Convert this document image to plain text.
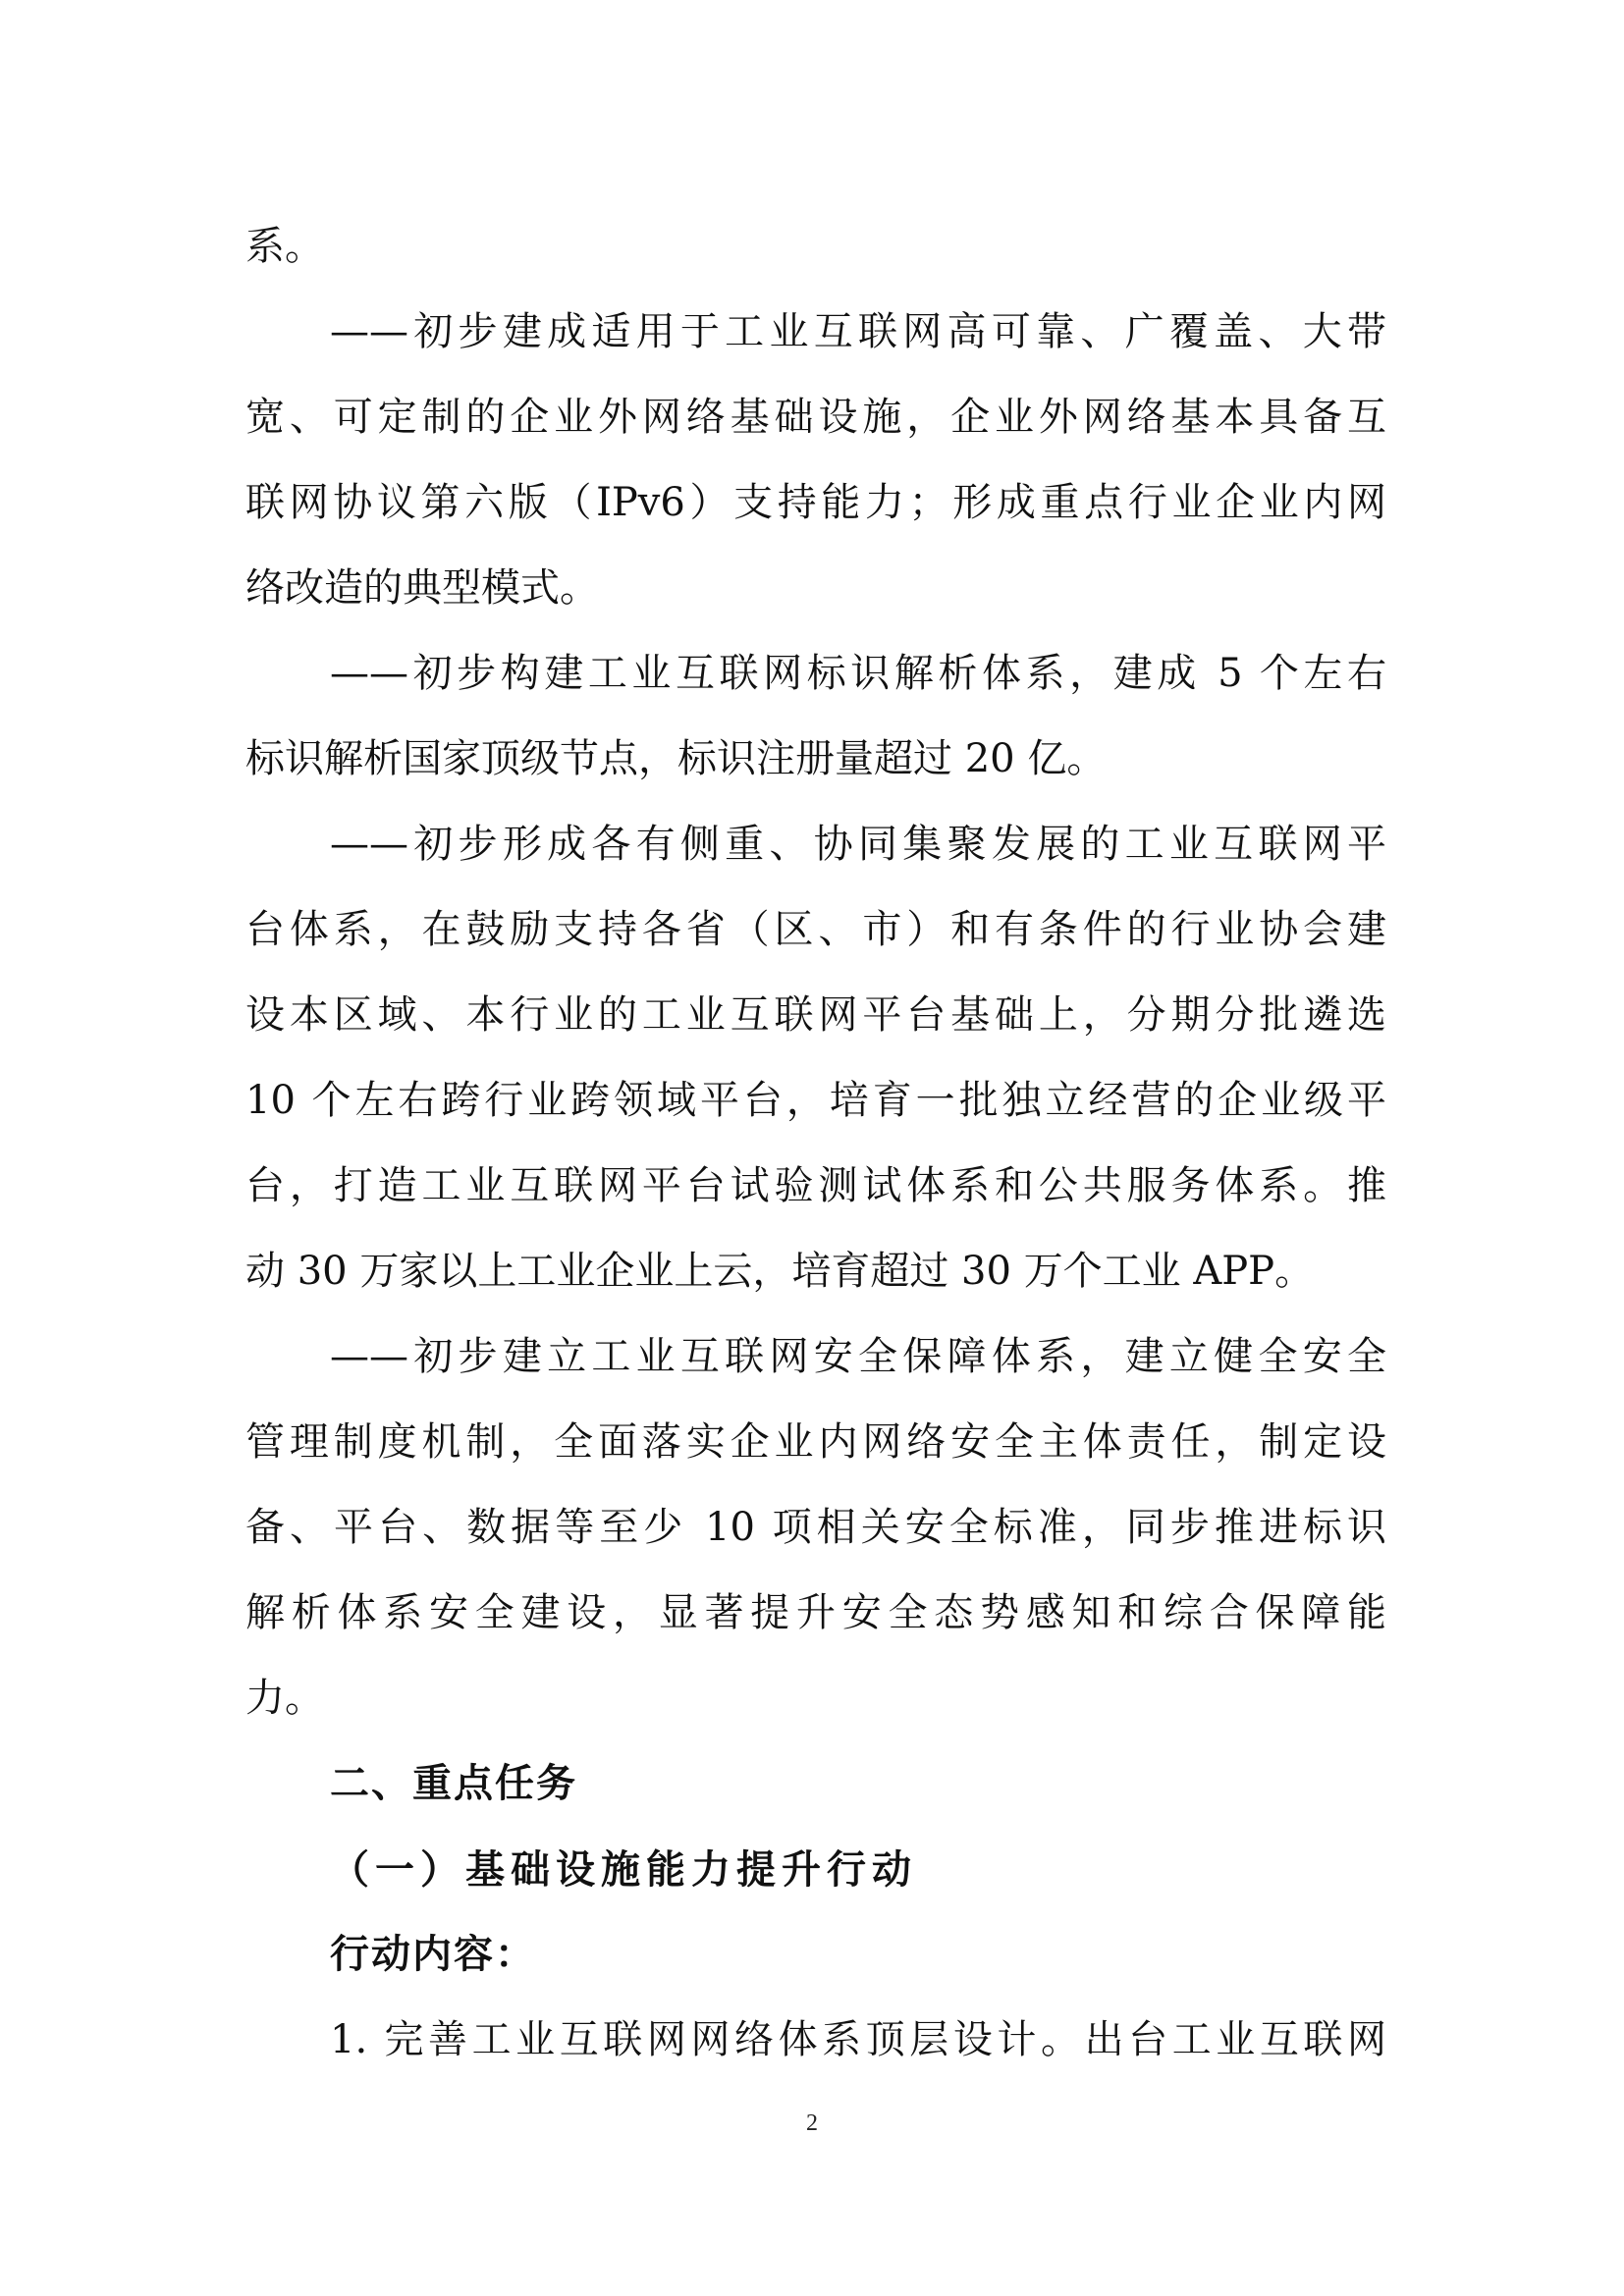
系。
——初步建成适用于工业互联网高可靠、广覆盖、大带
宽、可定制的企业外网络基础设施，企业外网络基本具备互
联网协议第六版（IPv6）支持能力；形成重点行业企业内网
络改造的典型模式。
——初步构建工业互联网标识解析体系，建成 5 个左右
标识解析国家顶级节点，标识注册量超过 20 亿。
——初步形成各有侧重、协同集聚发展的工业互联网平
台体系，在鼓励支持各省（区、市）和有条件的行业协会建
设本区域、本行业的工业互联网平台基础上，分期分批遴选
10 个左右跨行业跨领域平台，培育一批独立经营的企业级平
台，打造工业互联网平台试验测试体系和公共服务体系。推
动 30 万家以上工业企业上云，培育超过 30 万个工业 APP。
——初步建立工业互联网安全保障体系，建立健全安全
管理制度机制，全面落实企业内网络安全主体责任，制定设
备、平台、数据等至少 10 项相关安全标准，同步推进标识
解析体系安全建设，显著提升安全态势感知和综合保障能
力。
二、重点任务
（一）基础设施能力提升行动
行动内容：
1. 完善工业互联网网络体系顶层设计。出台工业互联网
2
